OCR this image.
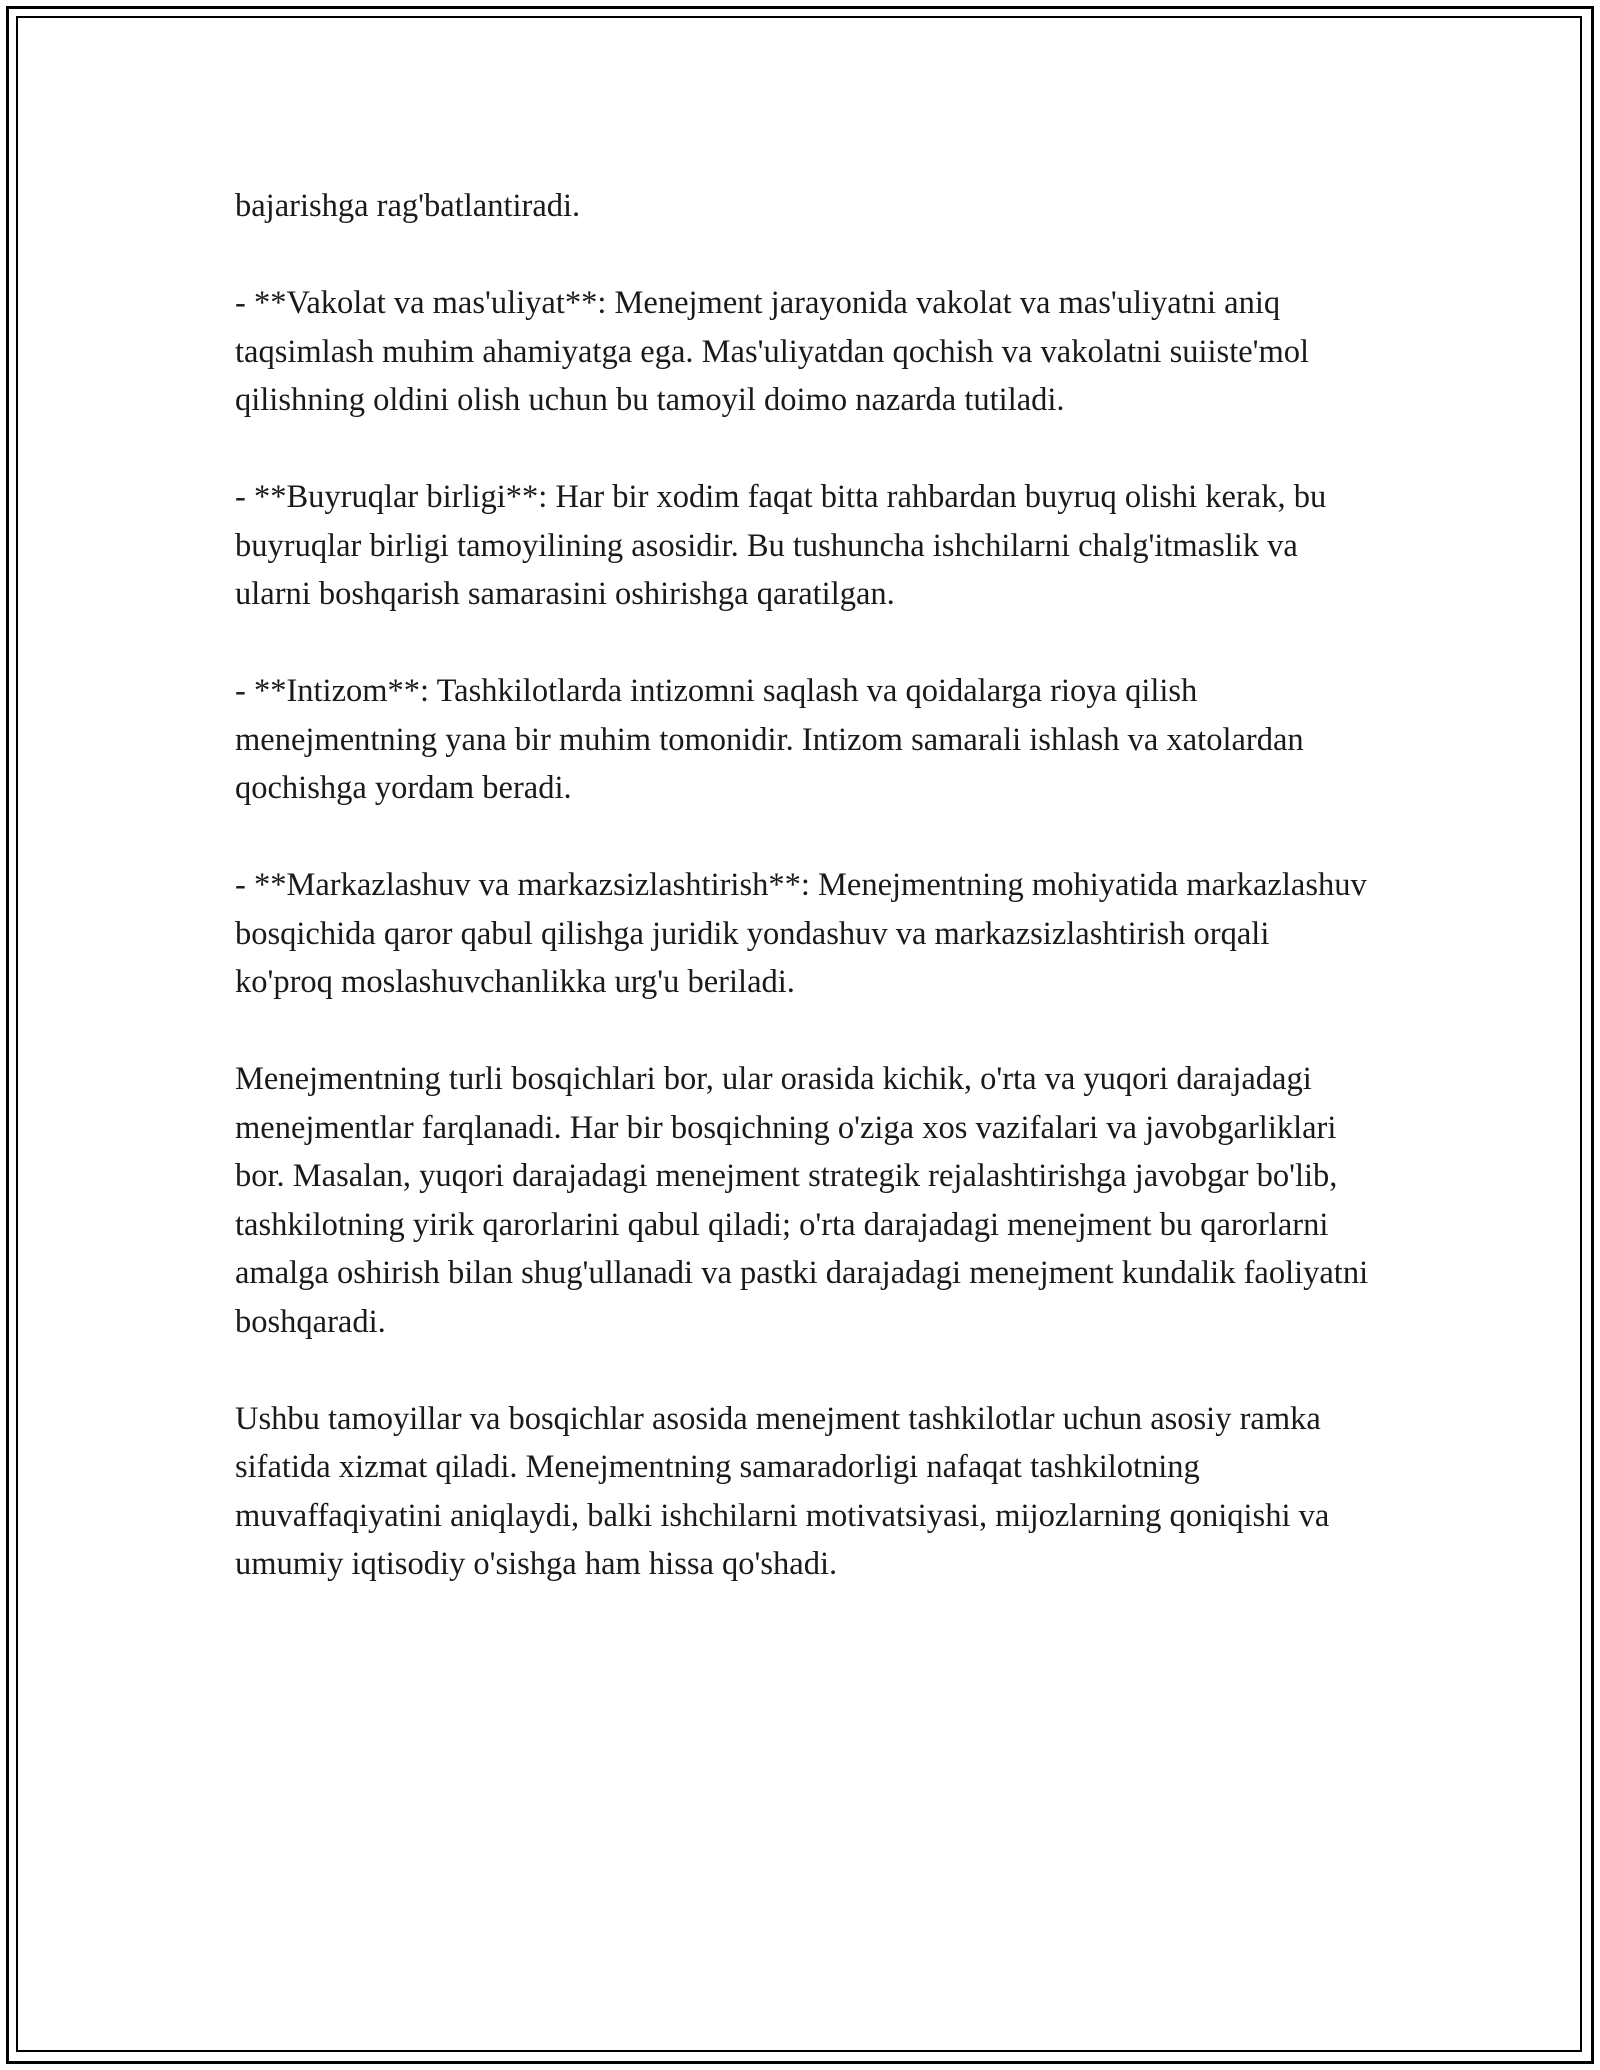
bajarishga rag'batlantiradi.

- **Vakolat va mas'uliyat**: Menejment jarayonida vakolat va mas'uliyatni aniq taqsimlash muhim ahamiyatga ega. Mas'uliyatdan qochish va vakolatni suiiste'mol qilishning oldini olish uchun bu tamoyil doimo nazarda tutiladi.

- **Buyruqlar birligi**: Har bir xodim faqat bitta rahbardan buyruq olishi kerak, bu buyruqlar birligi tamoyilining asosidir. Bu tushuncha ishchilarni chalg'itmaslik va ularni boshqarish samarasini oshirishga qaratilgan.

- **Intizom**: Tashkilotlarda intizomni saqlash va qoidalarga rioya qilish menejmentning yana bir muhim tomonidir. Intizom samarali ishlash va xatolardan qochishga yordam beradi.

- **Markazlashuv va markazsizlashtirish**: Menejmentning mohiyatida markazlashuv bosqichida qaror qabul qilishga juridik yondashuv va markazsizlashtirish orqali ko'proq moslashuvchanlikka urg'u beriladi.

Menejmentning turli bosqichlari bor, ular orasida kichik, o'rta va yuqori darajadagi menejmentlar farqlanadi. Har bir bosqichning o'ziga xos vazifalari va javobgarliklari bor. Masalan, yuqori darajadagi menejment strategik rejalashtirishga javobgar bo'lib, tashkilotning yirik qarorlarini qabul qiladi; o'rta darajadagi menejment bu qarorlarni amalga oshirish bilan shug'ullanadi va pastki darajadagi menejment kundalik faoliyatni boshqaradi.

Ushbu tamoyillar va bosqichlar asosida menejment tashkilotlar uchun asosiy ramka sifatida xizmat qiladi. Menejmentning samaradorligi nafaqat tashkilotning muvaffaqiyatini aniqlaydi, balki ishchilarni motivatsiyasi, mijozlarning qoniqishi va umumiy iqtisodiy o'sishga ham hissa qo'shadi.
